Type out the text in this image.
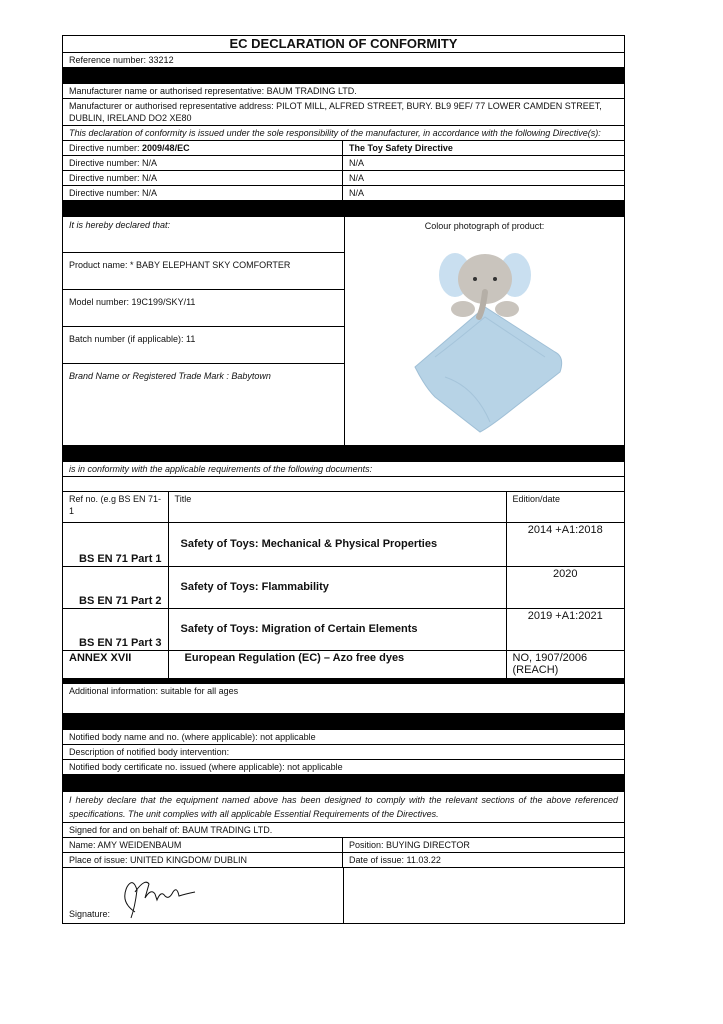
EC DECLARATION OF CONFORMITY
Reference number: 33212
Manufacturer name or authorised representative: BAUM TRADING LTD.
Manufacturer or authorised representative address: PILOT MILL, ALFRED STREET, BURY. BL9 9EF/ 77 LOWER CAMDEN STREET, DUBLIN, IRELAND DO2 XE80
This declaration of conformity is issued under the sole responsibility of the manufacturer, in accordance with the following Directive(s):
Directive number: 2009/48/EC	The Toy Safety Directive
Directive number: N/A	N/A
Directive number: N/A	N/A
Directive number: N/A	N/A
It is hereby declared that:
Product name: * BABY ELEPHANT SKY COMFORTER
Model number: 19C199/SKY/11
Batch number (if applicable): 11
Brand Name or Registered Trade Mark : Babytown
Colour photograph of product:
is in conformity with the applicable requirements of the following documents:
Ref no. (e.g BS EN 71-1	Title	Edition/date
BS EN 71 Part 1	Safety of Toys: Mechanical & Physical Properties	2014 +A1:2018
BS EN 71 Part 2	Safety of Toys: Flammability	2020
BS EN 71 Part 3	Safety of Toys: Migration of Certain Elements	2019 +A1:2021
ANNEX XVII	European Regulation (EC) – Azo free dyes	NO, 1907/2006 (REACH)
Additional information: suitable for all ages
Notified body name and no. (where applicable): not applicable
Description of notified body intervention:
Notified body certificate no. issued (where applicable): not applicable
I hereby declare that the equipment named above has been designed to comply with the relevant sections of the above referenced specifications. The unit complies with all applicable Essential Requirements of the Directives.
Signed for and on behalf of: BAUM TRADING LTD.
Name: AMY WEIDENBAUM	Position: BUYING DIRECTOR
Place of issue: UNITED KINGDOM/ DUBLIN	Date of issue: 11.03.22
Signature:
